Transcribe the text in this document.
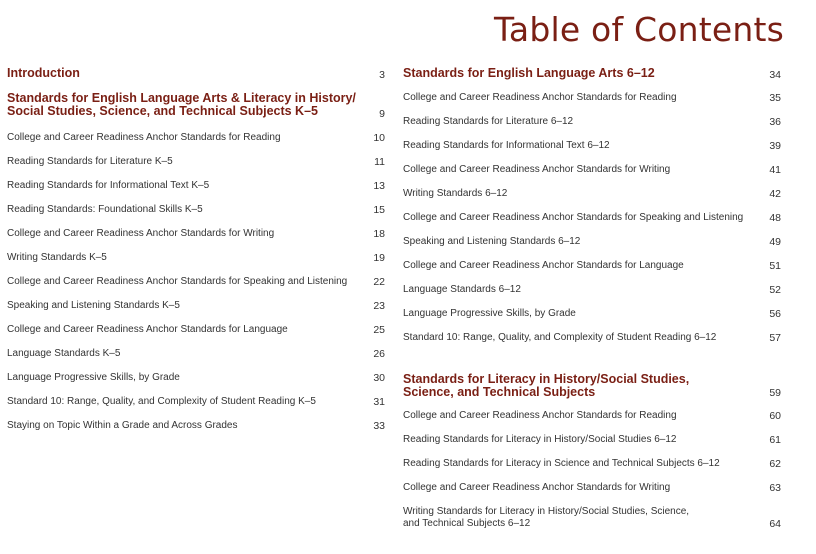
Table of Contents
Introduction	3
Standards for English Language Arts & Literacy in History/
Social Studies, Science, and Technical Subjects K–5	9
College and Career Readiness Anchor Standards for Reading	10
Reading Standards for Literature K–5	11
Reading Standards for Informational Text K–5	13
Reading Standards: Foundational Skills K–5	15
College and Career Readiness Anchor Standards for Writing	18
Writing Standards K–5	19
College and Career Readiness Anchor Standards for Speaking and Listening 22
Speaking and Listening Standards K–5	23
College and Career Readiness Anchor Standards for Language	25
Language Standards K–5	26
Language Progressive Skills, by Grade	30
Standard 10: Range, Quality, and Complexity of Student Reading K–5	31
Staying on Topic Within a Grade and Across Grades	33
Standards for English Language Arts 6–12	34
College and Career Readiness Anchor Standards for Reading	35
Reading Standards for Literature 6–12	36
Reading Standards for Informational Text 6–12	39
College and Career Readiness Anchor Standards for Writing	41
Writing Standards 6–12	42
College and Career Readiness Anchor Standards for Speaking and Listening 48
Speaking and Listening Standards 6–12	49
College and Career Readiness Anchor Standards for Language	51
Language Standards 6–12	52
Language Progressive Skills, by Grade	56
Standard 10: Range, Quality, and Complexity of Student Reading 6–12	57
Standards for Literacy in History/Social Studies,
Science, and Technical Subjects	59
College and Career Readiness Anchor Standards for Reading	60
Reading Standards for Literacy in History/Social Studies 6–12	61
Reading Standards for Literacy in Science and Technical Subjects 6–12	62
College and Career Readiness Anchor Standards for Writing	63
Writing Standards for Literacy in History/Social Studies, Science,
and Technical Subjects 6–12	64
